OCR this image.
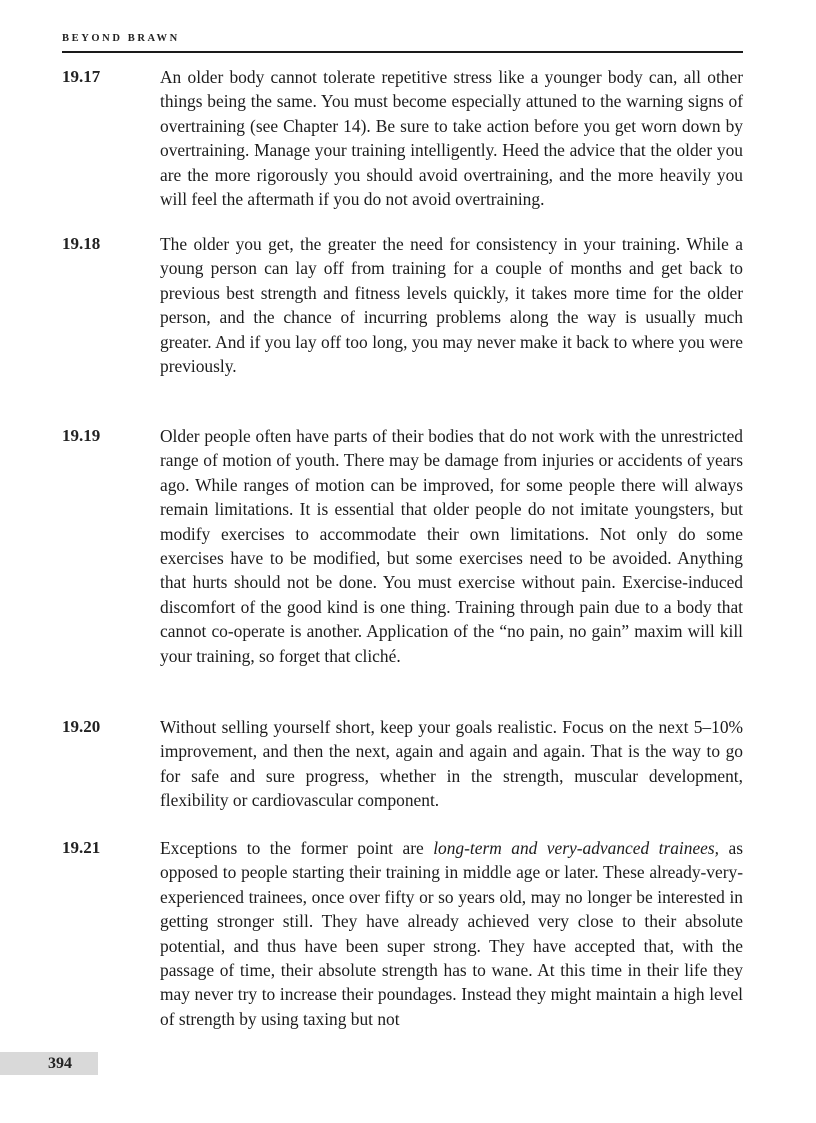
BEYOND BRAWN
19.17	An older body cannot tolerate repetitive stress like a younger body can, all other things being the same. You must become especially attuned to the warning signs of overtraining (see Chapter 14). Be sure to take action before you get worn down by overtraining. Manage your training intelligently. Heed the advice that the older you are the more rigorously you should avoid overtraining, and the more heavily you will feel the aftermath if you do not avoid overtraining.
19.18	The older you get, the greater the need for consistency in your training. While a young person can lay off from training for a couple of months and get back to previous best strength and fitness levels quickly, it takes more time for the older person, and the chance of incurring problems along the way is usually much greater. And if you lay off too long, you may never make it back to where you were previously.
19.19	Older people often have parts of their bodies that do not work with the unrestricted range of motion of youth. There may be damage from injuries or accidents of years ago. While ranges of motion can be improved, for some people there will always remain limitations. It is essential that older people do not imitate youngsters, but modify exercises to accommodate their own limitations. Not only do some exercises have to be modified, but some exercises need to be avoided. Anything that hurts should not be done. You must exercise without pain. Exercise-induced discomfort of the good kind is one thing. Training through pain due to a body that cannot co-operate is another. Application of the “no pain, no gain” maxim will kill your training, so forget that cliché.
19.20	Without selling yourself short, keep your goals realistic. Focus on the next 5–10% improvement, and then the next, again and again and again. That is the way to go for safe and sure progress, whether in the strength, muscular development, flexibility or cardiovascular component.
19.21	Exceptions to the former point are long-term and very-advanced trainees, as opposed to people starting their training in middle age or later. These already-very-experienced trainees, once over fifty or so years old, may no longer be interested in getting stronger still. They have already achieved very close to their absolute potential, and thus have been super strong. They have accepted that, with the passage of time, their absolute strength has to wane. At this time in their life they may never try to increase their poundages. Instead they might maintain a high level of strength by using taxing but not
394
